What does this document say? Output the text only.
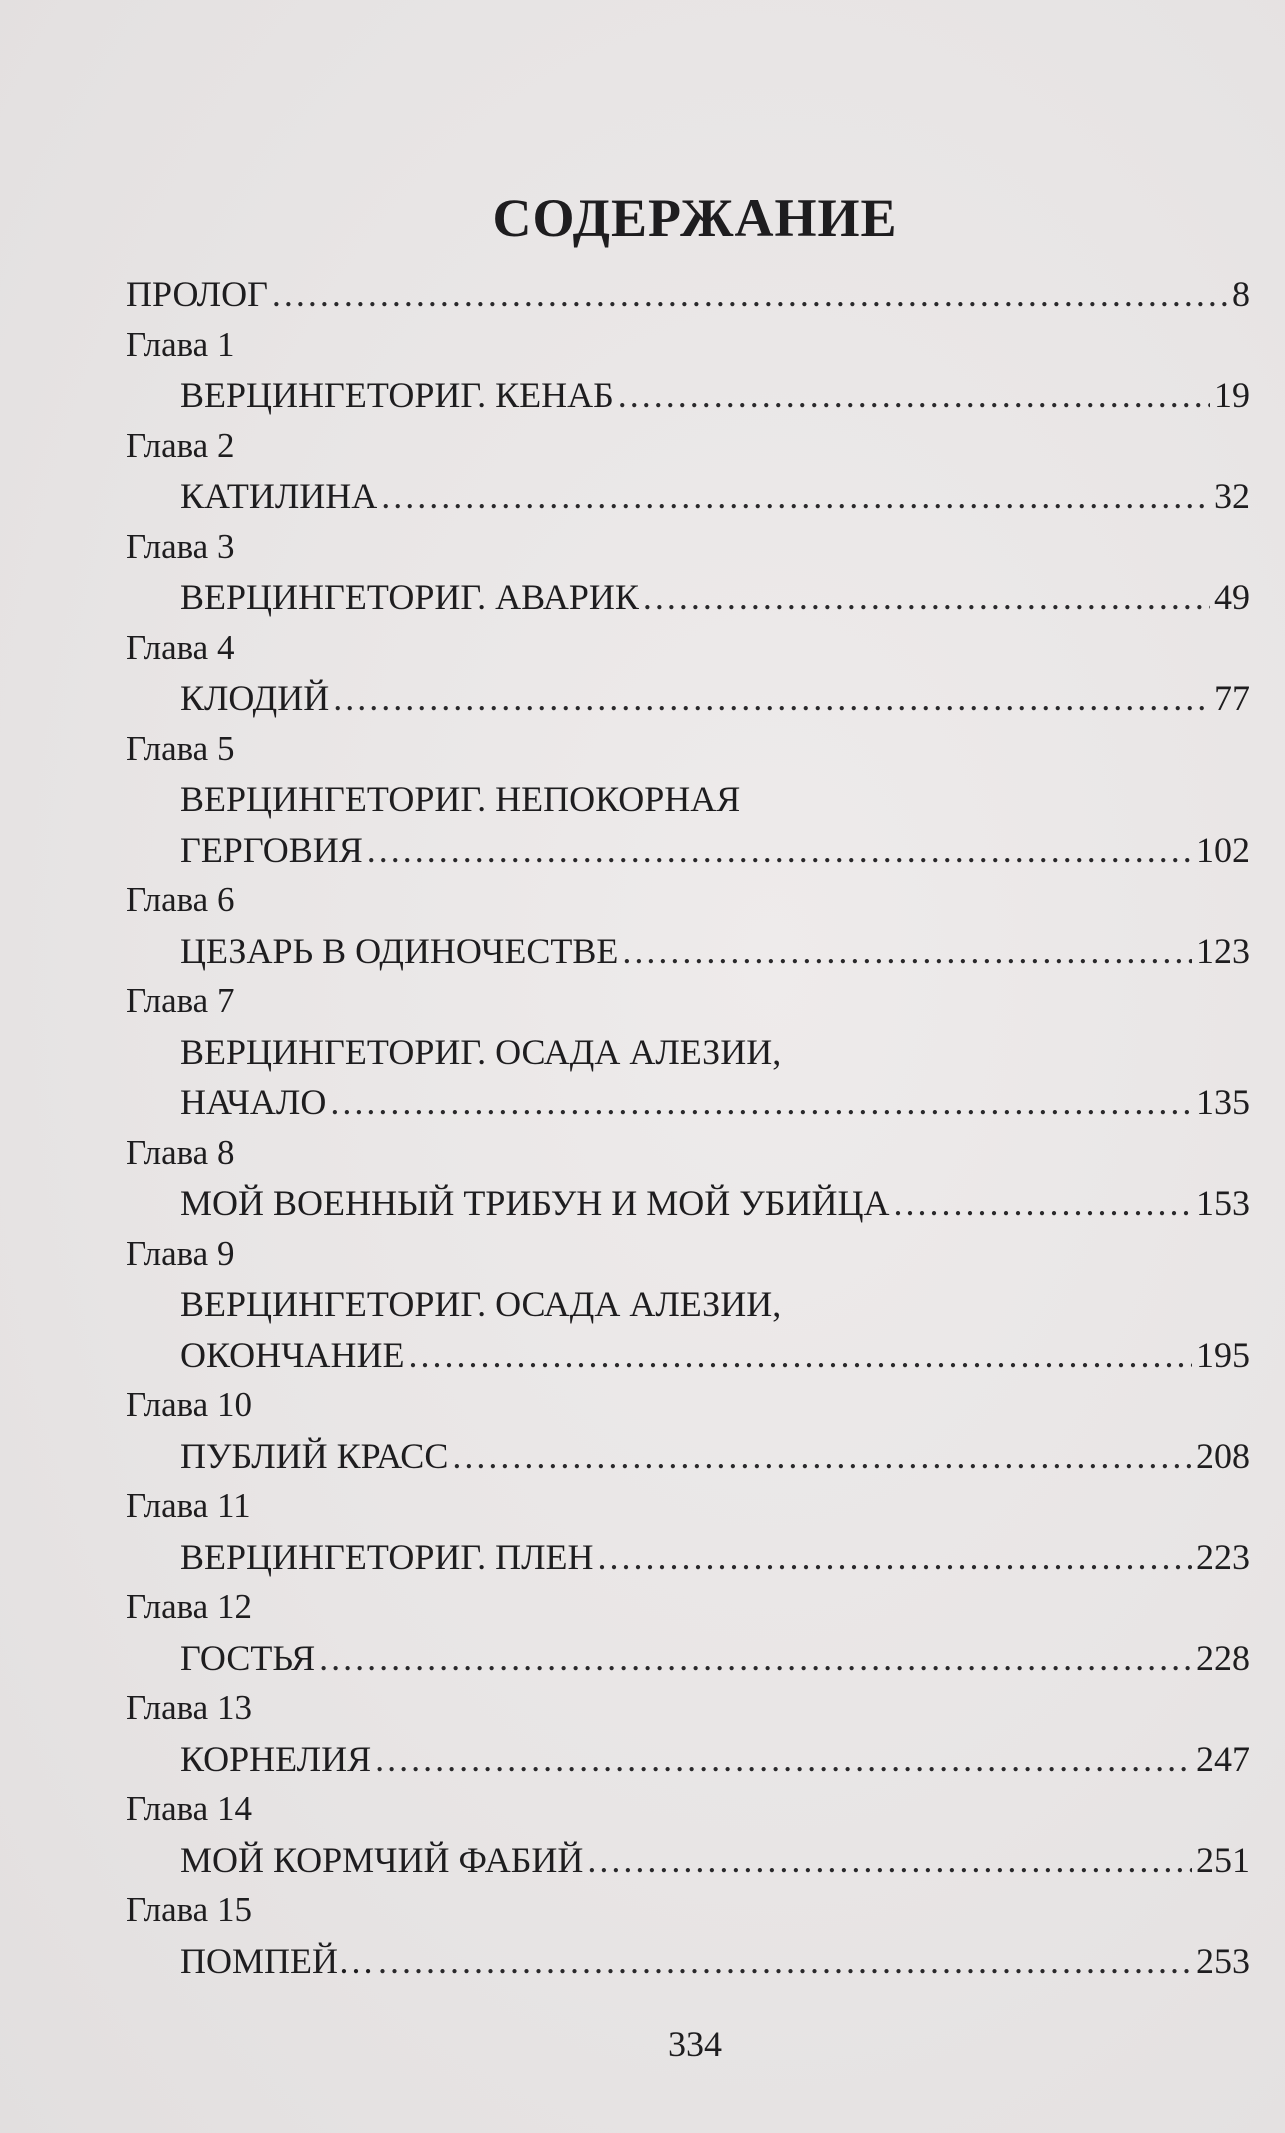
СОДЕРЖАНИЕ
ПРОЛОГ .....	8
Глава 1
ВЕРЦИНГЕТОРИГ. КЕНАБ .....	19
Глава 2
КАТИЛИНА .....	32
Глава 3
ВЕРЦИНГЕТОРИГ. АВАРИК .....	49
Глава 4
КЛОДИЙ .....	77
Глава 5
ВЕРЦИНГЕТОРИГ. НЕПОКОРНАЯ
ГЕРГОВИЯ .....	102
Глава 6
ЦЕЗАРЬ В ОДИНОЧЕСТВЕ .....	123
Глава 7
ВЕРЦИНГЕТОРИГ. ОСАДА АЛЕЗИИ,
НАЧАЛО .....	135
Глава 8
МОЙ ВОЕННЫЙ ТРИБУН И МОЙ УБИЙЦА .....	153
Глава 9
ВЕРЦИНГЕТОРИГ. ОСАДА АЛЕЗИИ,
ОКОНЧАНИЕ .....	195
Глава 10
ПУБЛИЙ КРАСС .....	208
Глава 11
ВЕРЦИНГЕТОРИГ. ПЛЕН .....	223
Глава 12
ГОСТЬЯ .....	228
Глава 13
КОРНЕЛИЯ .....	247
Глава 14
МОЙ КОРМЧИЙ ФАБИЙ .....	251
Глава 15
ПОМПЕЙ… .....	253
334
